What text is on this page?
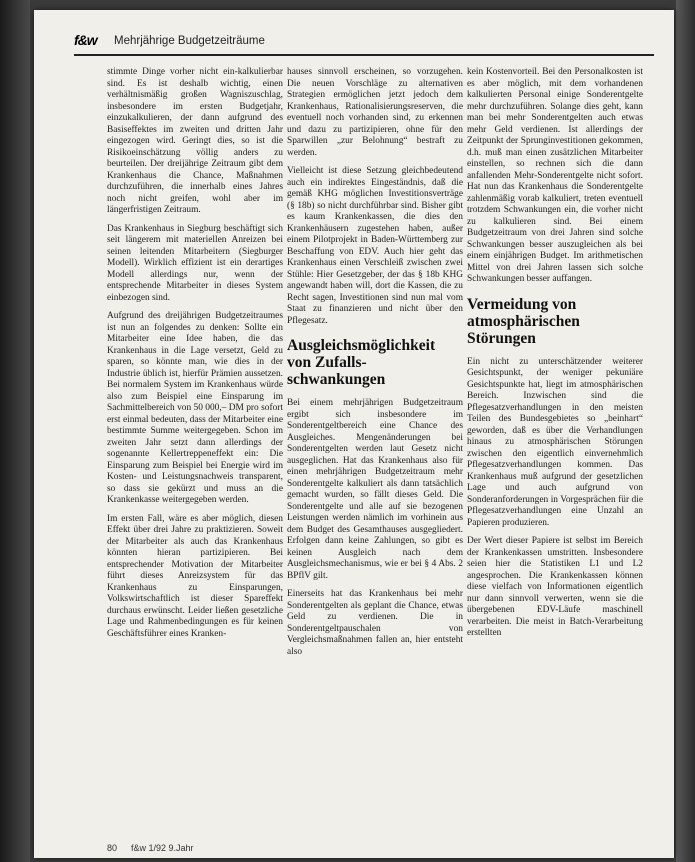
f&w Mehrjährige Budgetzeiträume

stimmte Dinge vorher nicht ein-kalkulierbar sind. Es ist deshalb wichtig, einen verhältnismäßig großen Wagniszuschlag, insbesondere im ersten Budgetjahr, einzukalkulieren, der dann aufgrund des Basiseffektes im zweiten und dritten Jahr eingezogen wird. Geringt dies, so ist die Risikoeinschätzung völlig anders zu beurteilen. Der dreijährige Zeitraum gibt dem Krankenhaus die Chance, Maßnahmen durchzuführen, die innerhalb eines Jahres noch nicht greifen, wohl aber im längerfristigen Zeitraum.

Das Krankenhaus in Siegburg beschäftigt sich seit längerem mit materiellen Anreizen bei seinen leitenden Mitarbeitern (Siegburger Modell). Wirklich effizient ist ein derartiges Modell allerdings nur, wenn der entsprechende Mitarbeiter in dieses System einbezogen sind.

Aufgrund des dreijährigen Budgetzeitraumes ist nun an folgendes zu denken: Sollte ein Mitarbeiter eine Idee haben, die das Krankenhaus in die Lage versetzt, Geld zu sparen, so könnte man, wie dies in der Industrie üblich ist, hierfür Prämien aussetzen. Bei normalem System im Krankenhaus würde also zum Beispiel eine Einsparung im Sachmittelbereich von 50 000,– DM pro sofort erst einmal bedeuten, dass der Mitarbeiter eine bestimmte Summe weitergegeben. Schon im zweiten Jahr setzt dann allerdings der sogenannte Kellertreppeneffekt ein: Die Einsparung zum Beispiel bei Energie wird im Kosten- und Leistungsnachweis transparent, so dass sie gekürzt und muss an die Krankenkasse weitergegeben werden.

Im ersten Fall, wäre es aber möglich, diesen Effekt über drei Jahre zu praktizieren. Soweit der Mitarbeiter als auch das Krankenhaus könnten hieran partizipieren. Bei entsprechender Motivation der Mitarbeiter führt dieses Anreizsystem für das Krankenhaus zu Einsparungen, Volkswirtschaftlich ist dieser Spareffekt durchaus erwünscht. Leider ließen gesetzliche Lage und Rahmenbedingungen es für keinen Geschäftsführer eines Kranken-

hauses sinnvoll erscheinen, so vorzugehen. Die neuen Vorschläge zu alternativen Strategien ermöglichen jetzt jedoch dem Krankenhaus, Rationalisierungsreserven, die eventuell noch vorhanden sind, zu erkennen und dazu zu partizipieren, ohne für den Sparwillen „zur Belohnung“ bestraft zu werden.

Vielleicht ist diese Setzung gleichbedeutend auch ein indirektes Eingeständnis, daß die gemäß KHG möglichen Investitionsverträge (§ 18b) so nicht durchführbar sind. Bisher gibt es kaum Krankenkassen, die dies den Krankenhäusern zugestehen haben, außer einem Pilotprojekt in Baden-Württemberg zur Beschaffung von EDV. Auch hier geht das Krankenhaus einen Verschleiß zwischen zwei Stühle: Hier Gesetzgeber, der das § 18b KHG angewandt haben will, dort die Kassen, die zu Recht sagen, Investitionen sind nun mal vom Staat zu finanzieren und nicht über den Pflegesatz.

Ausgleichsmöglichkeit von Zufalls-schwankungen

Bei einem mehrjährigen Budgetzeitraum ergibt sich insbesondere im Sonderentgeltbereich eine Chance des Ausgleiches. Mengenänderungen bei Sonderentgelten werden laut Gesetz nicht ausgeglichen. Hat das Krankenhaus also für einen mehrjährigen Budgetzeitraum mehr Sonderentgelte kalkuliert als dann tatsächlich gemacht wurden, so fällt dieses Geld. Die Sonderentgelte und alle auf sie bezogenen Leistungen werden nämlich im vorhinein aus dem Budget des Gesamthauses ausgegliedert. Erfolgen dann keine Zahlungen, so gibt es keinen Ausgleich nach dem Ausgleichsmechanismus, wie er bei § 4 Abs. 2 BPflV gilt.

Einerseits hat das Krankenhaus bei mehr Sonderentgelten als geplant die Chance, etwas Geld zu verdienen. Die in Sonderentgeltpauschalen von Vergleichsmaßnahmen fallen an, hier entsteht also

kein Kostenvorteil. Bei den Personalkosten ist es aber möglich, mit dem vorhandenen kalkulierten Personal einige Sonderentgelte mehr durchzuführen. Solange dies geht, kann man bei mehr Sonderentgelten auch etwas mehr Geld verdienen. Ist allerdings der Zeitpunkt der Sprunginvestitionen gekommen, d.h. muß man einen zusätzlichen Mitarbeiter einstellen, so rechnen sich die dann anfallenden Mehr-Sonderentgelte nicht sofort. Hat nun das Krankenhaus die Sonderentgelte zahlenmäßig vorab kalkuliert, treten eventuell trotzdem Schwankungen ein, die vorher nicht zu kalkulieren sind. Bei einem Budgetzeitraum von drei Jahren sind solche Schwankungen besser auszugleichen als bei einem einjährigen Budget. Im arithmetischen Mittel von drei Jahren lassen sich solche Schwankungen besser auffangen.

Vermeidung von atmosphärischen Störungen

Ein nicht zu unterschätzender weiterer Gesichtspunkt, der weniger pekuniäre Gesichtspunkte hat, liegt im atmosphärischen Bereich. Inzwischen sind die Pflegesatzverhandlungen in den meisten Teilen des Bundesgebietes so „beinhart“ geworden, daß es über die Verhandlungen hinaus zu atmosphärischen Störungen zwischen den eigentlich einvernehmlich Pflegesatzverhandlungen kommen. Das Krankenhaus muß aufgrund der gesetzlichen Lage und auch aufgrund von Sonderanforderungen in Vorgesprächen für die Pflegesatzverhandlungen eine Unzahl an Papieren produzieren.

Der Wert dieser Papiere ist selbst im Bereich der Krankenkassen umstritten. Insbesondere seien hier die Statistiken L1 und L2 angesprochen. Die Krankenkassen können diese vielfach von Informationen eigentlich nur dann sinnvoll verwerten, wenn sie die übergebenen EDV-Läufe maschinell verarbeiten. Die meist in Batch-Verarbeitung erstellten

80 f&w 1/92 9.Jahr
